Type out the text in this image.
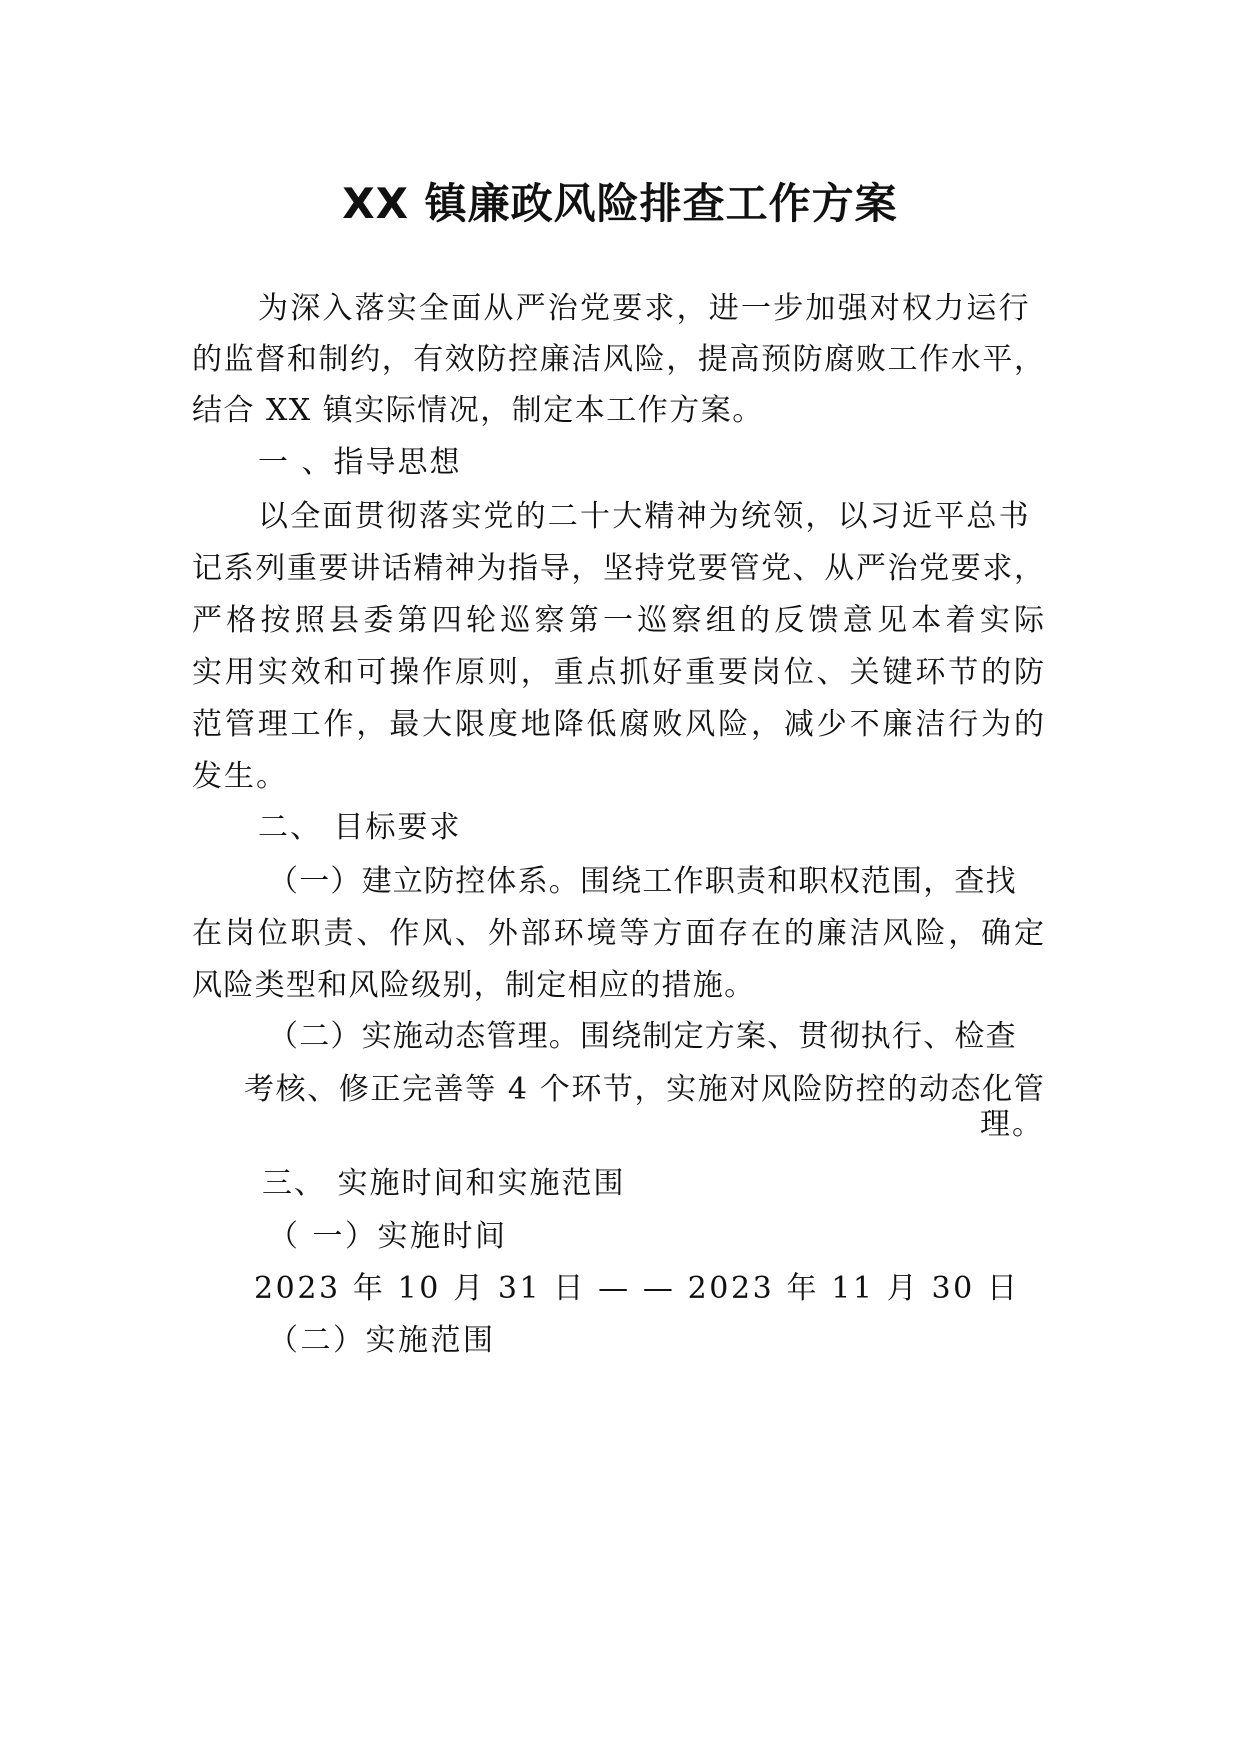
XX 镇廉政风险排查工作方案
为深入落实全面从严治党要求，进一步加强对权力运行
的监督和制约，有效防控廉洁风险，提高预防腐败工作水平，
结合 XX 镇实际情况，制定本工作方案。
一 、指导思想
以全面贯彻落实党的二十大精神为统领，以习近平总书
记系列重要讲话精神为指导，坚持党要管党、从严治党要求，
严格按照县委第四轮巡察第一巡察组的反馈意见本着实际
实用实效和可操作原则，重点抓好重要岗位、关键环节的防
范管理工作，最大限度地降低腐败风险，减少不廉洁行为的
发生。
二、 目标要求
（一）建立防控体系。围绕工作职责和职权范围，查找
在岗位职责、作风、外部环境等方面存在的廉洁风险，确定
风险类型和风险级别，制定相应的措施。
（二）实施动态管理。围绕制定方案、贯彻执行、检查
考核、修正完善等 4 个环节，实施对风险防控的动态化管
理。
三、 实施时间和实施范围
（ 一）实施时间
2023 年 10 月 31 日 — — 2023 年 11 月 30 日
（二）实施范围
